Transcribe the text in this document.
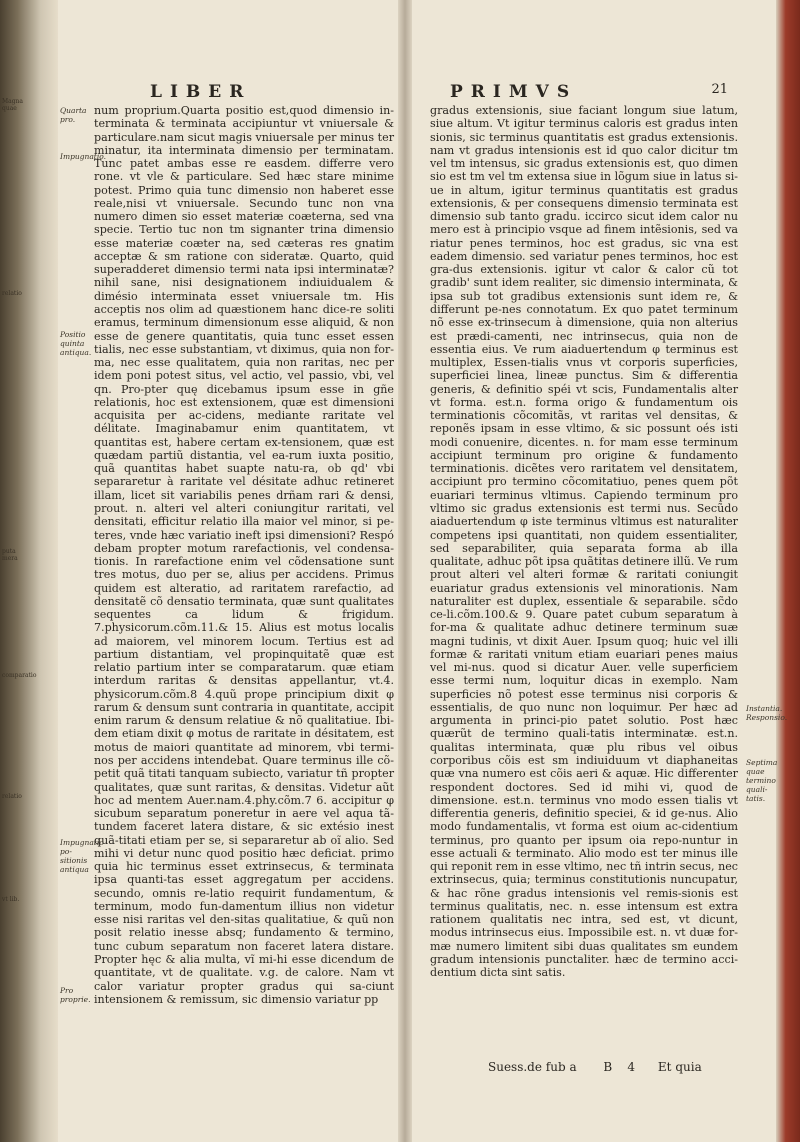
Magna quae
relatio
puta mera
comparatio
relatio
vt lib.
LIBER	PRIMVS	21
Quarta pro.
Impugnatio.
Positio quinta antiqua.
Impugnatio po-
sitionis antiqua
Pro proprie.
Instantia.
Responsio.
Septima quae
termino quali-
tatis.

num proprium.Quarta positio est,quod dimensio in-terminata & terminata accipiuntur vt vniuersale & particulare.nam sicut magis vniuersale per minus ter minatur, ita interminata dimensio per terminatam. Tunc patet ambas esse re easdem. differre vero rone. vt vle & particulare. Sed hæc stare minime potest. Primo quia tunc dimensio non haberet esse reale,nisi vt vniuersale. Secundo tunc non vna numero dimen sio esset materiæ coæterna, sed vna specie. Tertio tuc non tm signanter trina dimensio esse materiæ coæter na, sed cæteras res gnatim acceptæ & sm ratione con sideratæ. Quarto, quid superadderet dimensio termi nata ipsi interminatæ? nihil sane, nisi designationem indiuidualem & dimésio interminata esset vniuersale tm. His acceptis nos olim ad quæstionem hanc dice-re soliti eramus, terminum dimensionum esse aliquid, & non esse de genere quantitatis, quia tunc esset essen tialis, nec esse substantiam, vt diximus, quia non for-ma, nec esse qualitatem, quia non raritas, nec per idem poni potest situs, vel actio, vel passio, vbi, vel qn. Pro-pter quę dicebamus ipsum esse in gñe relationis, hoc est extensionem, quæ est dimensioni acquisita per ac-cidens, mediante raritate vel délitate. Imaginabamur enim quantitatem, vt quantitas est, habere certam ex-tensionem, quæ est quædam partiũ distantia, vel ea-rum iuxta positio, quã quantitas habet suapte natu-ra, ob qd' vbi separaretur à raritate vel désitate adhuc retineret illam, licet sit variabilis penes drñam rari & densi, prout. n. alteri vel alteri coniungitur raritati, vel densitati, efficitur relatio illa maior vel minor, si pe-teres, vnde hæc variatio ineft ipsi dimensioni? Respó debam propter motum rarefactionis, vel condensa-tionis. In rarefactione enim vel cõdensatione sunt tres motus, duo per se, alius per accidens. Primus quidem est alteratio, ad raritatem rarefactio, ad densitatẽ cõ densatio terminata, quæ sunt qualitates sequentes ca lidum & frigidum. 7.physicorum.cõm.11.& 15. Alius est motus localis ad maiorem, vel minorem locum. Tertius est ad partium distantiam, vel propinquitatẽ quæ est relatio partium inter se comparatarum. quæ etiam interdum raritas & densitas appellantur, vt.4. physicorum.cõm.8 4.quũ prope principium dixit φ rarum & densum sunt contraria in quantitate, accipit enim rarum & densum relatiue & nõ qualitatiue. Ibi-dem etiam dixit φ motus de raritate in désitatem, est motus de maiori quantitate ad minorem, vbi termi-nos per accidens intendebat. Quare terminus ille cõ-petit quã titati tanquam subiecto, variatur tñ propter qualitates, quæ sunt raritas, & densitas. Videtur aũt hoc ad mentem Auer.nam.4.phy.cõm.7 6. accipitur φ sicubum separatum poneretur in aere vel aqua tã-tundem faceret latera distare, & sic extésio inest quã-titati etiam per se, si separaretur ab oĩ alio. Sed mihi vi detur nunc quod positio hæc deficiat. primo quia hic terminus esset extrinsecus, & terminata ipsa quanti-tas esset aggregatum per accidens. secundo, omnis re-latio requirit fundamentum, & terminum, modo fun-damentum illius non videtur esse nisi raritas vel den-sitas qualitatiue, & quũ non posit relatio inesse absq; fundamento & termino, tunc cubum separatum non faceret latera distare. Propter hęc & alia multa, vĩ mi-hi esse dicendum de quantitate, vt de qualitate. v.g. de calore. Nam vt calor variatur propter gradus qui sa-ciunt intensionem & remissum, sic dimensio variatur pp

gradus extensionis, siue faciant longum siue latum, siue altum. Vt igitur terminus caloris est gradus inten sionis, sic terminus quantitatis est gradus extensionis. nam vt gradus intensionis est id quo calor dicitur tm vel tm intensus, sic gradus extensionis est, quo dimen sio est tm vel tm extensa siue in lõgum siue in latus si-ue in altum, igitur terminus quantitatis est gradus extensionis, & per consequens dimensio terminata est dimensio sub tanto gradu. iccirco sicut idem calor nu mero est à principio vsque ad finem intẽsionis, sed va riatur penes terminos, hoc est gradus, sic vna est eadem dimensio. sed variatur penes terminos, hoc est gra-dus extensionis. igitur vt calor & calor cũ tot gradib' sunt idem realiter, sic dimensio interminata, & ipsa sub tot gradibus extensionis sunt idem re, & differunt pe-nes connotatum. Ex quo patet terminum nõ esse ex-trinsecum à dimensione, quia non alterius est prædi-camenti, nec intrinsecus, quia non de essentia eius. Ve rum aiaduertendum φ terminus est multiplex, Essen-tialis vnus vt corporis superficies, superficiei linea, lineæ punctus. Sim & differentia generis, & definitio spéi vt scis, Fundamentalis alter vt forma. est.n. forma origo & fundamentum ois terminationis cõcomitãs, vt raritas vel densitas, & reponẽs ipsam in esse vltimo, & sic possunt oés isti modi conuenire, dicentes. n. for mam esse terminum accipiunt terminum pro origine & fundamento terminationis. dicẽtes vero raritatem vel densitatem, accipiunt pro termino cõcomitatiuo, penes quem põt euariari terminus vltimus. Capiendo terminum pro vltimo sic gradus extensionis est termi nus. Secũdo aiaduertendum φ iste terminus vltimus est naturaliter competens ipsi quantitati, non quidem essentialiter, sed separabiliter, quia separata forma ab illa qualitate, adhuc põt ipsa quãtitas detinere illũ. Ve rum prout alteri vel alteri formæ & raritati coniungit euariatur gradus extensionis vel minorationis. Nam naturaliter est duplex, essentiale & separabile. sc̃do ce-li.cõm.100.& 9. Quare patet cubum separatum à for-ma & qualitate adhuc detinere terminum suæ magni tudinis, vt dixit Auer. Ipsum quoq; huic vel illi formæ & raritati vnitum etiam euariari penes maius vel mi-nus. quod si dicatur Auer. velle superficiem esse termi num, loquitur dicas in exemplo. Nam superficies nõ potest esse terminus nisi corporis & essentialis, de quo nunc non loquimur. Per hæc ad argumenta in princi-pio patet solutio. Post hæc quærũt de termino quali-tatis interminatæ. est.n. qualitas interminata, quæ plu ribus vel oibus corporibus cõis est sm indiuiduum vt diaphaneitas quæ vna numero est cõis aeri & aquæ. Hic differenter respondent doctores. Sed id mihi vi, quod de dimensione. est.n. terminus vno modo essen tialis vt differentia generis, definitio speciei, & id ge-nus. Alio modo fundamentalis, vt forma est oium ac-cidentium terminus, pro quanto per ipsum oia repo-nuntur in esse actuali & terminato. Alio modo est ter minus ille qui reponit rem in esse vltimo, nec tñ intrin secus, nec extrinsecus, quia; terminus constitutionis nuncupatur, & hac rõne gradus intensionis vel remis-sionis est terminus qualitatis, nec. n. esse intensum est extra rationem qualitatis nec intra, sed est, vt dicunt, modus intrinsecus eius. Impossibile est. n. vt duæ for-mæ numero limitent sibi duas qualitates sm eundem gradum intensionis punctaliter. hæc de termino acci-dentium dicta sint satis.

Suess.de fub a B    4 Et quia
